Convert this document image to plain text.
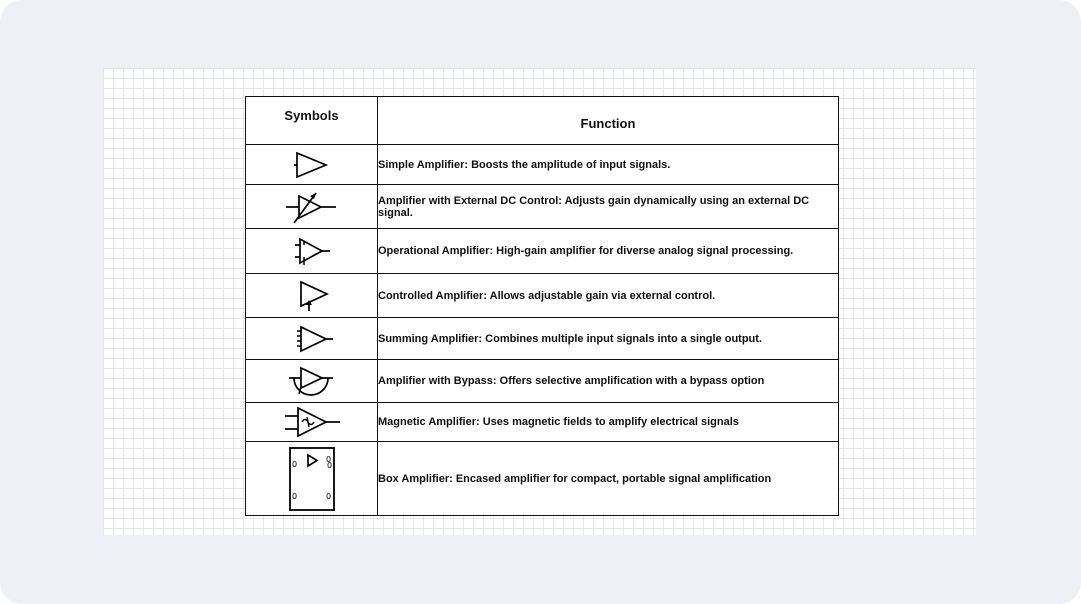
Symbols	Function

	Simple Amplifier: Boosts the amplitude of input signals.

	Amplifier with External DC Control: Adjusts gain dynamically using an external DC signal.

	Operational Amplifier: High-gain amplifier for diverse analog signal processing.

	Controlled Amplifier: Allows adjustable gain via external control.

	Summing Amplifier: Combines multiple input signals into a single output.

	Amplifier with Bypass: Offers selective amplification with a bypass option

	Magnetic Amplifier: Uses magnetic fields to amplify electrical signals

0
0
0
0 0	Box Amplifier: Encased amplifier for compact, portable signal amplification
